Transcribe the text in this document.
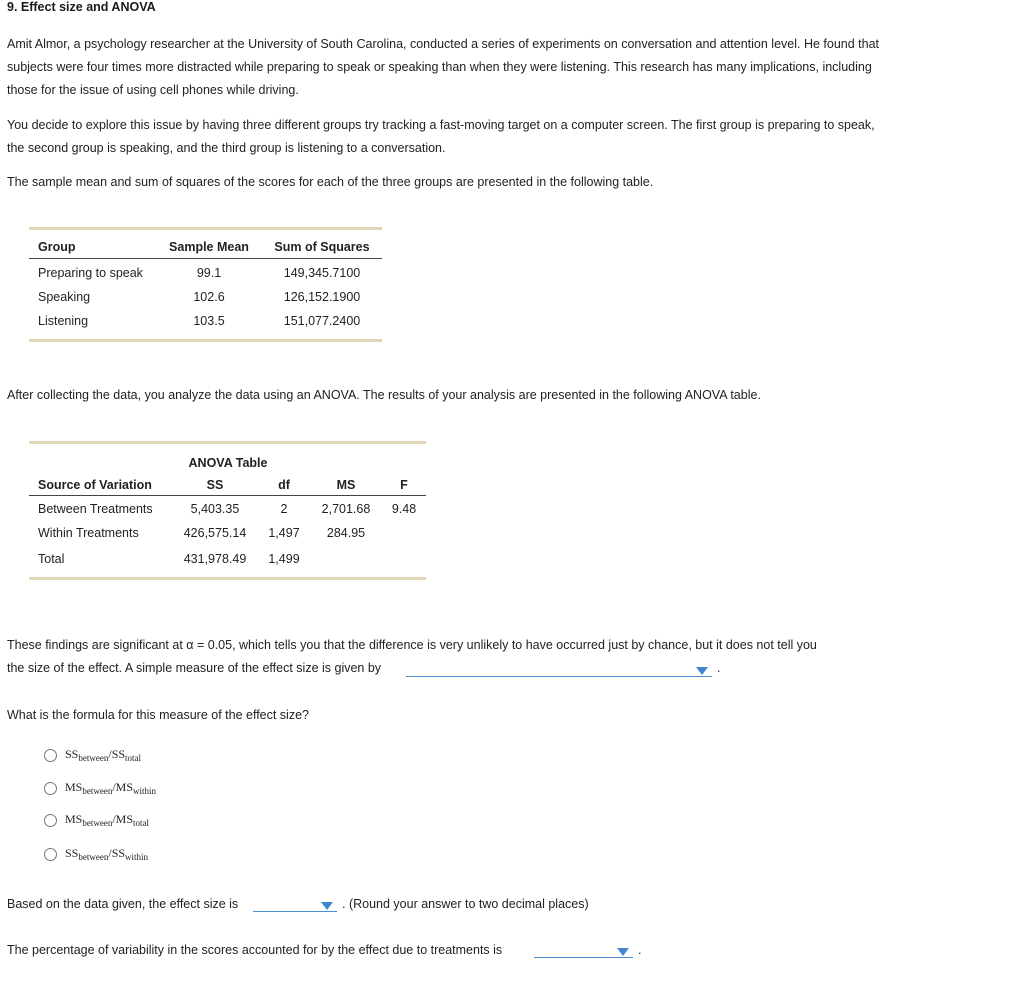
9. Effect size and ANOVA
Amit Almor, a psychology researcher at the University of South Carolina, conducted a series of experiments on conversation and attention level. He found that subjects were four times more distracted while preparing to speak or speaking than when they were listening. This research has many implications, including those for the issue of using cell phones while driving.
You decide to explore this issue by having three different groups try tracking a fast-moving target on a computer screen. The first group is preparing to speak, the second group is speaking, and the third group is listening to a conversation.
The sample mean and sum of squares of the scores for each of the three groups are presented in the following table.
Group	Sample Mean	Sum of Squares
Preparing to speak	99.1	149,345.7100
Speaking	102.6	126,152.1900
Listening	103.5	151,077.2400
After collecting the data, you analyze the data using an ANOVA. The results of your analysis are presented in the following ANOVA table.
ANOVA Table
Source of Variation	SS	df	MS	F
Between Treatments	5,403.35	2	2,701.68	9.48
Within Treatments	426,575.14	1,497	284.95
Total	431,978.49	1,499
These findings are significant at α = 0.05, which tells you that the difference is very unlikely to have occurred just by chance, but it does not tell you
the size of the effect. A simple measure of the effect size is given by	.
What is the formula for this measure of the effect size?
$SS_{between}/SS_{total}$
$MS_{between}/MS_{within}$
$MS_{between}/MS_{total}$
$SS_{between}/SS_{within}$
Based on the data given, the effect size is	. (Round your answer to two decimal places)
The percentage of variability in the scores accounted for by the effect due to treatments is	.
